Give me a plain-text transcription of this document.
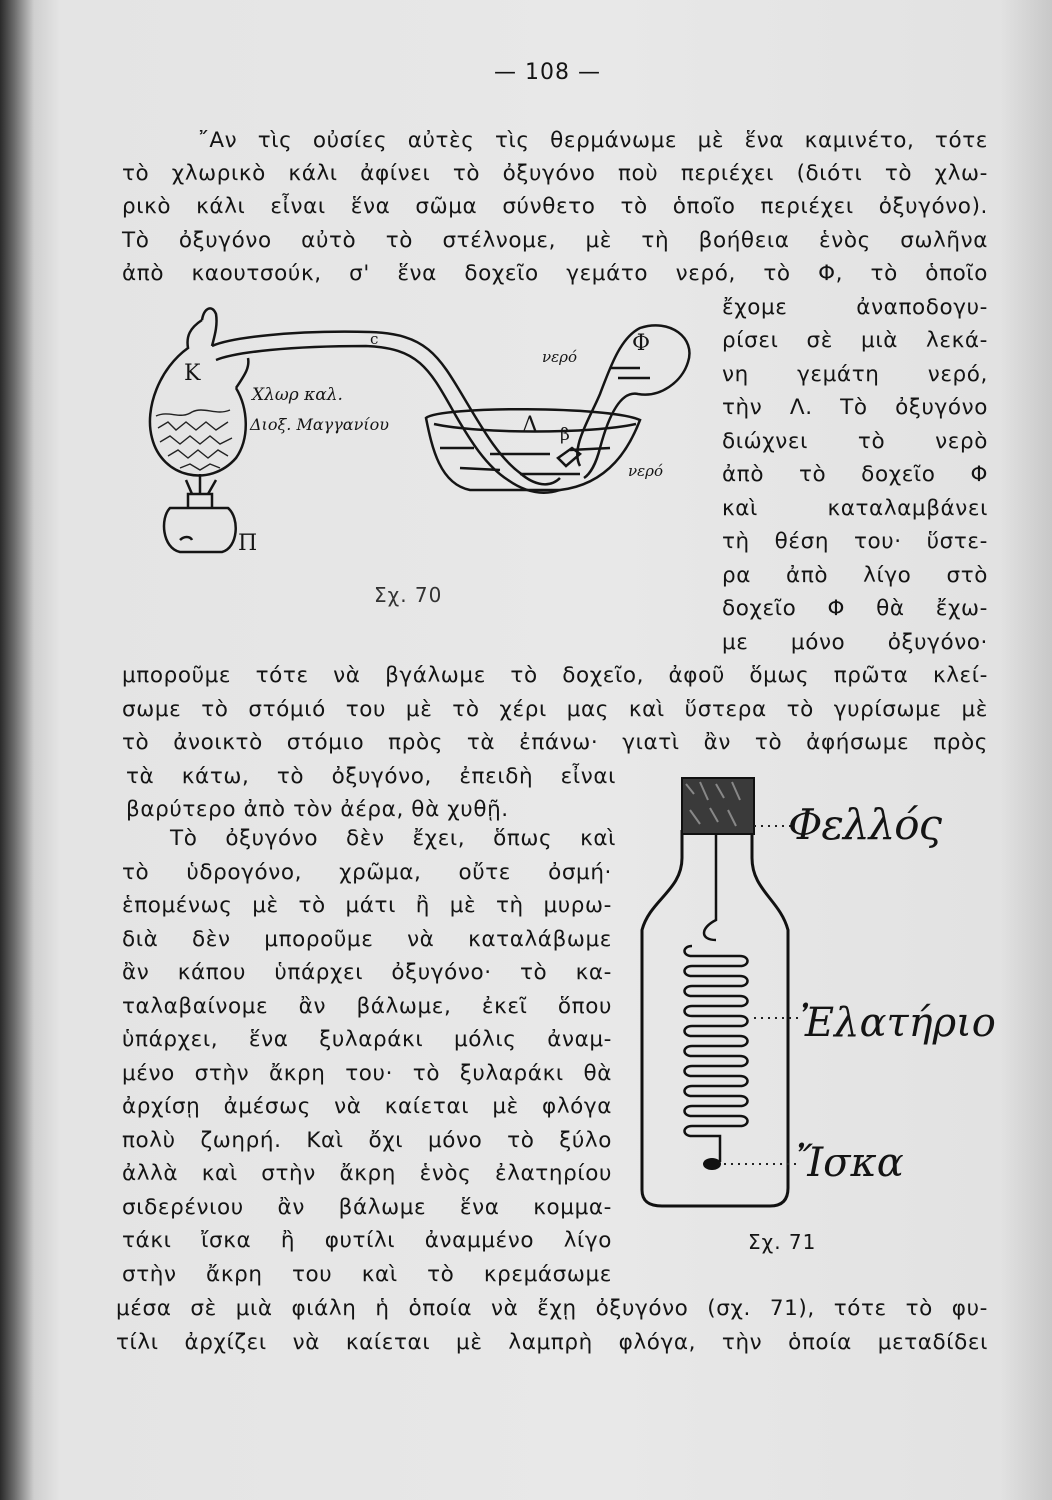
— 108 —
῎Αν τὶς οὐσίες αὐτὲς τὶς θερμάνωμε μὲ ἕνα καμινέτο, τότε
τὸ χλωρικὸ κάλι ἀφίνει τὸ ὀξυγόνο ποὺ περιέχει (διότι τὸ χλω-
ρικὸ κάλι εἶναι ἕνα σῶμα σύνθετο τὸ ὁποῖο περιέχει ὀξυγόνο).
Τὸ ὀξυγόνο αὐτὸ τὸ στέλνομε, μὲ τὴ βοήθεια ἑνὸς σωλῆνα
ἀπὸ καουτσούκ, σ' ἕνα δοχεῖο γεμάτο νερό, τὸ Φ, τὸ ὁποῖο
ἔχομε ἀναποδογυ-
ρίσει σὲ μιὰ λεκά-
νη γεμάτη νερό,
τὴν Λ. Τὸ ὀξυγόνο
διώχνει τὸ νερὸ
ἀπὸ τὸ δοχεῖο Φ
καὶ καταλαμβάνει
τὴ θέση του· ὕστε-
ρα ἀπὸ λίγο στὸ
δοχεῖο Φ θὰ ἔχω-
με μόνο ὀξυγόνο·
μποροῦμε τότε νὰ βγάλωμε τὸ δοχεῖο, ἀφοῦ ὅμως πρῶτα κλεί-
σωμε τὸ στόμιό του μὲ τὸ χέρι μας καὶ ὕστερα τὸ γυρίσωμε μὲ
τὸ ἀνοικτὸ στόμιο πρὸς τὰ ἐπάνω· γιατὶ ἂν τὸ ἀφήσωμε πρὸς
τὰ κάτω, τὸ ὀξυγόνο, ἐπειδὴ εἶναι
βαρύτερο ἀπὸ τὸν ἀέρα, θὰ χυθῇ.
Τὸ ὀξυγόνο δὲν ἔχει, ὅπως καὶ
τὸ ὑδρογόνο, χρῶμα, οὔτε ὀσμή·
ἑπομένως μὲ τὸ μάτι ἢ μὲ τὴ μυρω-
διὰ δὲν μποροῦμε νὰ καταλάβωμε
ἂν κάπου ὑπάρχει ὀξυγόνο· τὸ κα-
ταλαβαίνομε ἂν βάλωμε, ἐκεῖ ὅπου
ὑπάρχει, ἕνα ξυλαράκι μόλις ἀναμ-
μένο στὴν ἄκρη του· τὸ ξυλαράκι θὰ
ἀρχίσῃ ἀμέσως νὰ καίεται μὲ φλόγα
πολὺ ζωηρή. Καὶ ὄχι μόνο τὸ ξύλο
ἀλλὰ καὶ στὴν ἄκρη ἑνὸς ἐλατηρίου
σιδερένιου ἂν βάλωμε ἕνα κομμα-
τάκι ἴσκα ἢ φυτίλι ἀναμμένο λίγο
στὴν ἄκρη του καὶ τὸ κρεμάσωμε
μέσα σὲ μιὰ φιάλη ἡ ὁποία νὰ ἔχῃ ὀξυγόνο (σχ. 71), τότε τὸ φυ-
τίλι ἀρχίζει νὰ καίεται μὲ λαμπρὴ φλόγα, τὴν ὁποία μεταδίδει
Κ
Π
Λ
Φ
c
β
νερό
νερό
Χλωρ καλ.
Διοξ. Μαγγανίου
Σχ. 70
Φελλός
Ἐλατήριο
Ἴσκα
Σχ. 71
